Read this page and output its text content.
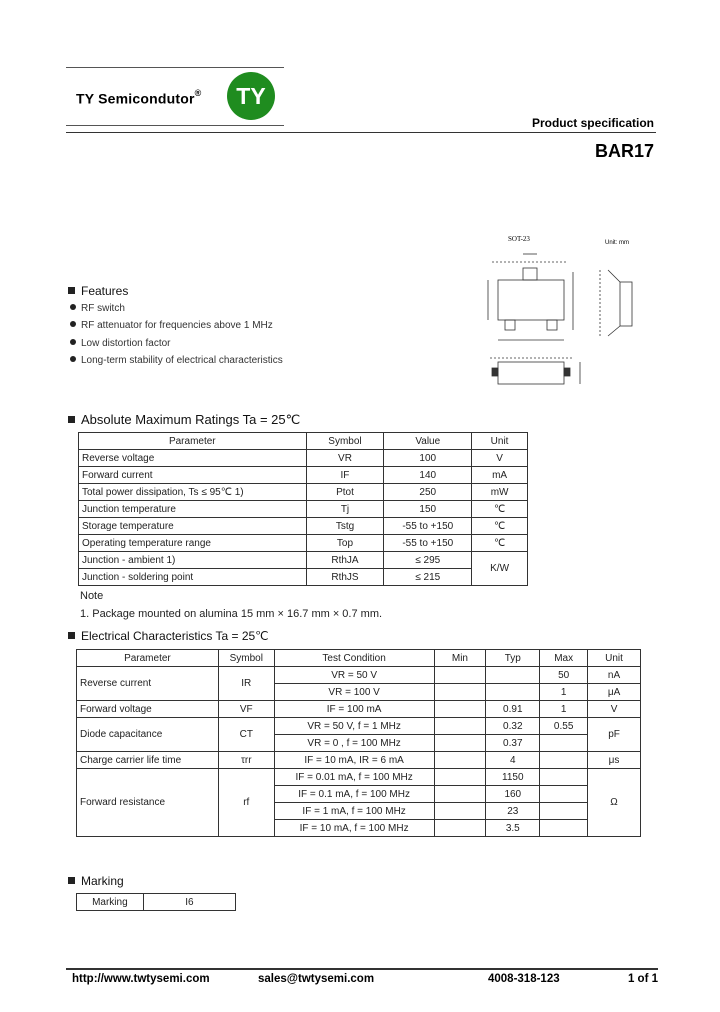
TY Semicondutor®	TY
Product specification
BAR17
SOT-23	Unit: mm
Features
RF switch
RF attenuator for frequencies above 1 MHz
Low distortion factor
Long-term stability of electrical characteristics
Absolute Maximum Ratings Ta = 25℃
Parameter	Symbol	Value	Unit
Reverse voltage	VR	100	V
Forward current	IF	140	mA
Total power dissipation, Ts ≤ 95℃ 1)	Ptot	250	mW
Junction temperature	Tj	150	℃
Storage temperature	Tstg	-55 to +150	℃
Operating temperature range	Top	-55 to +150	℃
Junction - ambient 1)	RthJA	≤ 295	K/W
Junction - soldering point	RthJS	≤ 215	
Note
1. Package mounted on alumina 15 mm × 16.7 mm × 0.7 mm.
Electrical Characteristics Ta = 25℃
Parameter	Symbol	Test Condition	Min	Typ	Max	Unit
Reverse current	IR	VR = 50 V			50	nA
		VR = 100 V			1	μA
Forward voltage	VF	IF = 100 mA		0.91	1	V
Diode capacitance	CT	VR = 50 V, f = 1 MHz		0.32	0.55	pF
		VR = 0 , f = 100 MHz		0.37		
Charge carrier life time	τrr	IF = 10 mA, IR = 6 mA		4		μs
Forward resistance	rf	IF = 0.01 mA, f = 100 MHz		1150		Ω
		IF = 0.1 mA, f = 100 MHz		160		
		IF = 1 mA, f = 100 MHz		23		
		IF = 10 mA, f = 100 MHz		3.5		
Marking
Marking	I6
http://www.twtysemi.com	sales@twtysemi.com	4008-318-123	1 of 1
